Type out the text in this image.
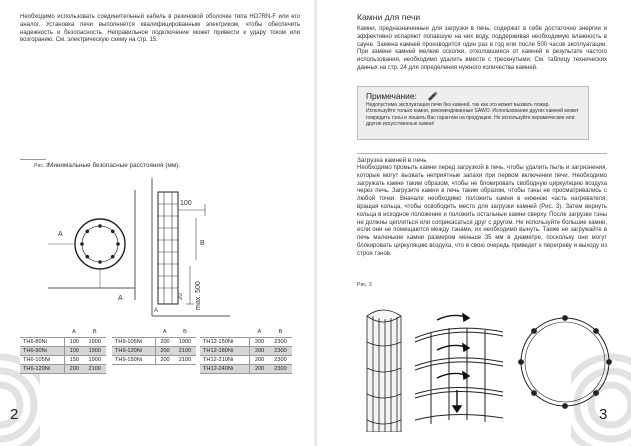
Необходимо использовать соединительный кабель в резиновой оболочке типа HO7RN-F или его аналог. Установка печи выполняется квалифицированным электриком, чтобы обеспечить надежность и безопасность. Неправильное подключение может привести к удару током или возгоранию. См. электрическую схему на стр. 15.
Рис. 2 Минимальные безопасные расстояния (мм).
A
A
100
B
20 max. 500
A
	A	B
TH6-80Ni	100	1900
TH6-90Ni	100	1900
TH6-105Ni	150	1900
TH6-120Ni	200	2100
	A	B
TH9-105Ni	200	1900
TH9-120Ni	200	2100
TH9-150Ni	200	2100
	A	B
TH12-150Ni	200	2300
TH12-180Ni	200	2300
TH12-210Ni	200	2300
TH12-240Ni	200	2300
2
Камни для печи
Камни, предназначенные для загрузки в печь, содержат в себе достаточно энергии и эффективно испаряют попавшую на них воду, поддерживая необходимую влажность в сауне. Замена камней производится один раз в год или после 500 часов эксплуатации. При замене камней мелкие осколки, отколовшиеся от камней в результате частого использования, необходимо удалить вместе с трескнутыми. См. таблицу технических данных на стр. 24 для определения нужного количества камней.
Примечание:
Недопустима эксплуатация печи без камней, так как это может вызвать пожар. Используйте только камни, рекомендованные SAWO. Использование других камней может повредить тэны и лишить Вас гарантии на продукцию. Не используйте керамические или другие искусственные камни!
Загрузка камней в печь
Необходимо промыть камни перед загрузкой в печь, чтобы удалить пыль и загрязнения, которые могут вызвать неприятные запахи при первом включении печи. Необходимо загружать камни таким образом, чтобы не блокировать свободную циркуляцию воздуха через печь. Загрузите камни в печь таким образом, чтобы тэны не просматривались с любой точки. Вначале необходимо положить камни в нижнюю часть нагревателя, вращая кольца, чтобы освободить место для загрузки камней (Рис. 3). Затем вернуть кольца в исходное положение и положить остальные камни сверху. После загрузки тэны не должны цепляться или соприкасаться друг с другом. Не используйте большие камни, если они не помещаются между тэнами, их необходимо вынуть. Также не загружайте в печь маленькие камни размером меньше 35 мм в диаметре, поскольку они могут блокировать циркуляцию воздуха, что в свою очередь приведет к перегреву и выходу из строя тэнов.
Рис. 3
3
